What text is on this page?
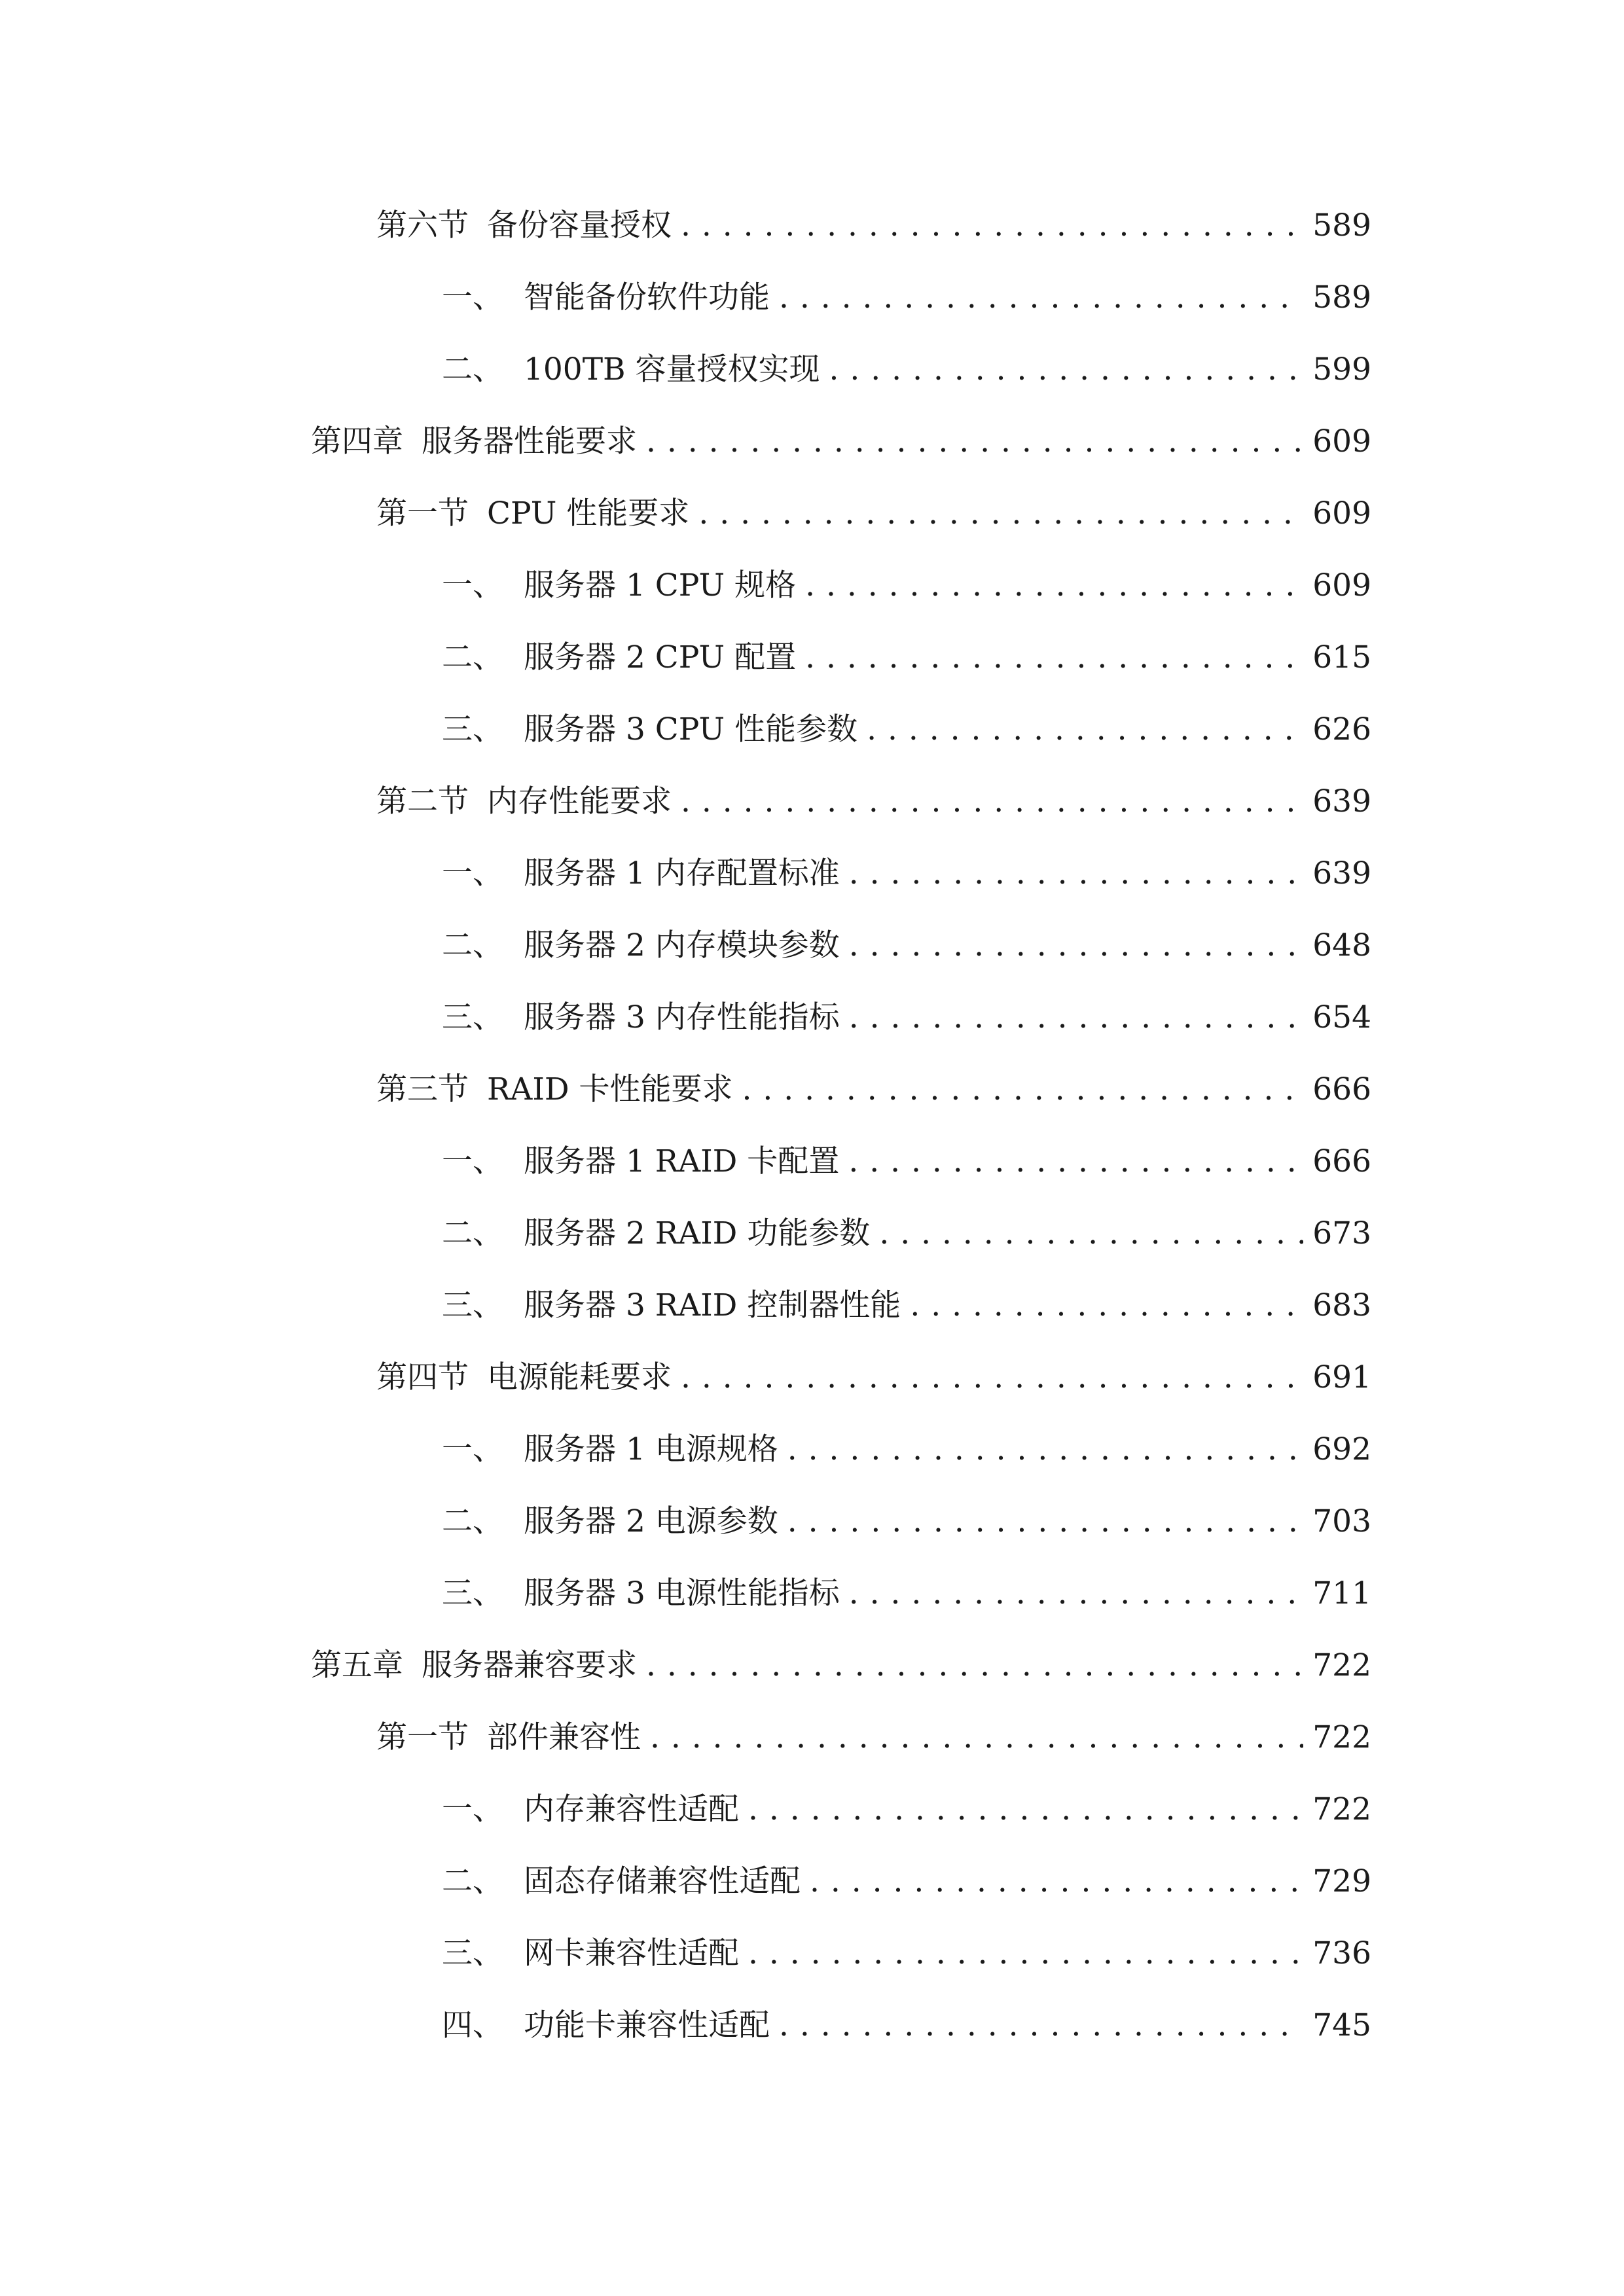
第六节 备份容量授权 . . .	589
一、 智能备份软件功能 . . .	589
二、 100TB 容量授权实现 . . .	599
第四章 服务器性能要求 . . .	609
第一节 CPU 性能要求 . . .	609
一、 服务器 1 CPU 规格 . . .	609
二、 服务器 2 CPU 配置 . . .	615
三、 服务器 3 CPU 性能参数 . . .	626
第二节 内存性能要求 . . .	639
一、 服务器 1 内存配置标准 . . .	639
二、 服务器 2 内存模块参数 . . .	648
三、 服务器 3 内存性能指标 . . .	654
第三节 RAID 卡性能要求 . . .	666
一、 服务器 1 RAID 卡配置 . . .	666
二、 服务器 2 RAID 功能参数 . . .	673
三、 服务器 3 RAID 控制器性能 . . .	683
第四节 电源能耗要求 . . .	691
一、 服务器 1 电源规格 . . .	692
二、 服务器 2 电源参数 . . .	703
三、 服务器 3 电源性能指标 . . .	711
第五章 服务器兼容要求 . . .	722
第一节 部件兼容性 . . .	722
一、 内存兼容性适配 . . .	722
二、 固态存储兼容性适配 . . .	729
三、 网卡兼容性适配 . . .	736
四、 功能卡兼容性适配 . . .	745
